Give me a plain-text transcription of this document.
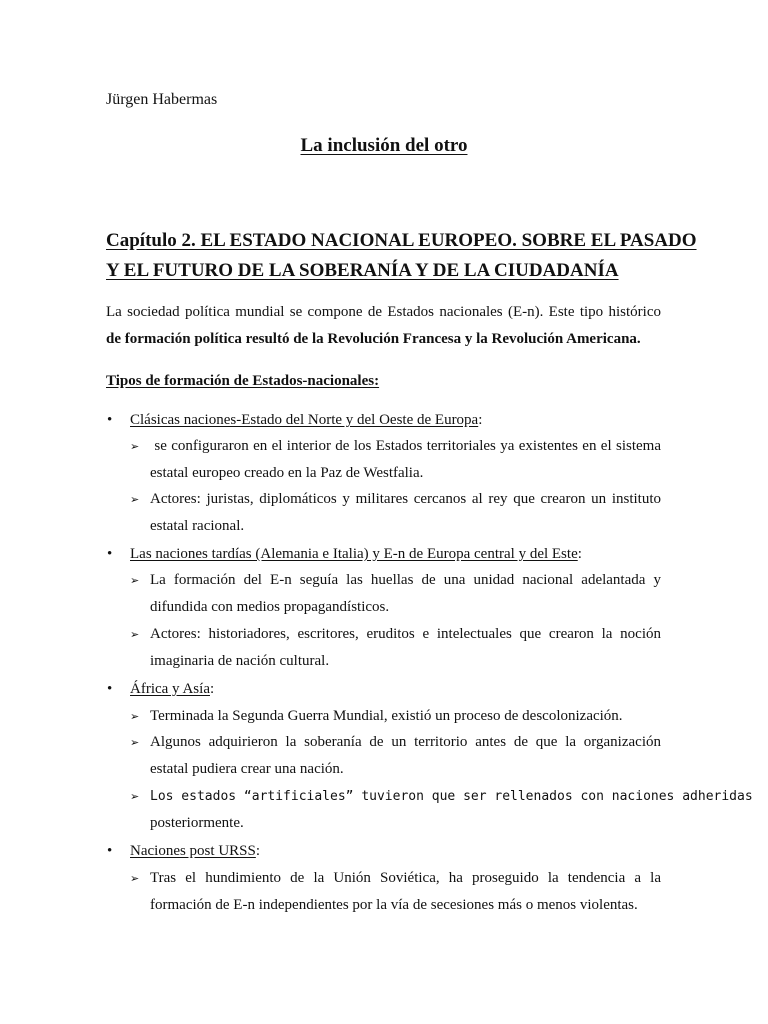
Jürgen Habermas
La inclusión del otro
Capítulo 2. EL ESTADO NACIONAL EUROPEO. SOBRE EL PASADO
Y EL FUTURO DE LA SOBERANÍA Y DE LA CIUDADANÍA
La sociedad política mundial se compone de Estados nacionales (E-n). Este tipo histórico
de formación política resultó de la Revolución Francesa y la Revolución Americana.
Tipos de formación de Estados-nacionales:
• Clásicas naciones-Estado del Norte y del Oeste de Europa:
➢ se configuraron en el interior de los Estados territoriales ya existentes en el sistema
estatal europeo creado en la Paz de Westfalia.
➢ Actores: juristas, diplomáticos y militares cercanos al rey que crearon un instituto
estatal racional.
• Las naciones tardías (Alemania e Italia) y E-n de Europa central y del Este:
➢ La formación del E-n seguía las huellas de una unidad nacional adelantada y
difundida con medios propagandísticos.
➢ Actores: historiadores, escritores, eruditos e intelectuales que crearon la noción
imaginaria de nación cultural.
• África y Asía:
➢ Terminada la Segunda Guerra Mundial, existió un proceso de descolonización.
➢ Algunos adquirieron la soberanía de un territorio antes de que la organización
estatal pudiera crear una nación.
➢ Los estados “artificiales” tuvieron que ser rellenados con naciones adheridas
posteriormente.
• Naciones post URSS:
➢ Tras el hundimiento de la Unión Soviética, ha proseguido la tendencia a la
formación de E-n independientes por la vía de secesiones más o menos violentas.
